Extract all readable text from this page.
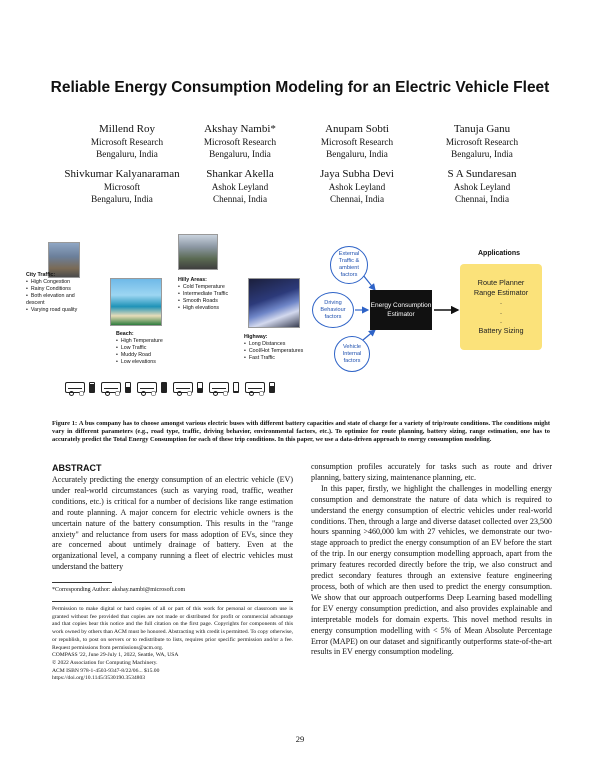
Reliable Energy Consumption Modeling for an Electric Vehicle Fleet
Millend Roy
Microsoft Research
Bengaluru, India
Akshay Nambi*
Microsoft Research
Bengaluru, India
Anupam Sobti
Microsoft Research
Bengaluru, India
Tanuja Ganu
Microsoft Research
Bengaluru, India
Shivkumar Kalyanaraman
Microsoft
Bengaluru, India
Shankar Akella
Ashok Leyland
Chennai, India
Jaya Subha Devi
Ashok Leyland
Chennai, India
S A Sundaresan
Ashok Leyland
Chennai, India
City Traffic:
• High Congestion
• Rainy Conditions
• Both elevation and descent
• Varying road quality
Hilly Areas:
• Cold Temperature
• Intermediate Traffic
• Smooth Roads
• High elevations
Beach:
• High Temperature
• Low Traffic
• Muddy Road
• Low elevations
Highway:
• Long Distances
• Cool/Hot Temperatures
• Fast Traffic
External Traffic & ambient factors
Driving Behaviour factors
Vehicle Internal factors
Energy Consumption Estimator
Applications
Route Planner
Range Estimator
.
.
.
Battery Sizing
Figure 1: A bus company has to choose amongst various electric buses with different battery capacities and state of charge for a variety of trip/route conditions. The conditions might vary in different parameters (e.g., road type, traffic, driving behavior, environmental factors, etc.). To optimize for route planning, battery sizing, range estimation, one has to accurately predict the Total Energy Consumption for each of these trip conditions. In this paper, we use a data-driven approach to energy consumption modeling.
ABSTRACT

Accurately predicting the energy consumption of an electric vehicle (EV) under real-world circumstances (such as varying road, traffic, weather conditions, etc.) is critical for a number of decisions like range estimation and route planning. A major concern for electric vehicle owners is the uncertain nature of the battery consumption. This results in the "range anxiety" and reluctance from users for mass adoption of EVs, since they are concerned about untimely drainage of battery. Even at the organizational level, a company running a fleet of electric vehicles must understand the battery

*Corresponding Author: akshay.nambi@microsoft.com
Permission to make digital or hard copies of all or part of this work for personal or classroom use is granted without fee provided that copies are not made or distributed for profit or commercial advantage and that copies bear this notice and the full citation on the first page. Copyrights for components of this work owned by others than ACM must be honored. Abstracting with credit is permitted. To copy otherwise, or republish, to post on servers or to redistribute to lists, requires prior specific permission and/or a fee. Request permissions from permissions@acm.org.
COMPASS '22, June 29-July 1, 2022, Seattle, WA, USA
© 2022 Association for Computing Machinery.
ACM ISBN 978-1-4503-9347-8/22/06... $15.00
https://doi.org/10.1145/3530190.3534803
consumption profiles accurately for tasks such as route and driver planning, battery sizing, maintenance planning, etc.

In this paper, firstly, we highlight the challenges in modelling energy consumption and demonstrate the nature of data which is required to understand the energy consumption of electric vehicles under real-world conditions. Then, through a large and diverse dataset collected over 23,500 hours spanning >460,000 km with 27 vehicles, we demonstrate our two-stage approach to predict the energy consumption of an EV before the start of the trip. In our energy consumption modelling approach, apart from the primary features recorded directly before the trip, we also construct and predict secondary features through an extensive feature engineering process, both of which are then used to predict the energy consumption. We show that our approach outperforms Deep Learning based modelling for EV energy consumption prediction, and also provides explainable and interpretable models for domain experts. This novel method results in energy consumption modelling with < 5% of Mean Absolute Percentage Error (MAPE) on our dataset and significantly outperforms state-of-the-art results in EV energy consumption modeling.

29
